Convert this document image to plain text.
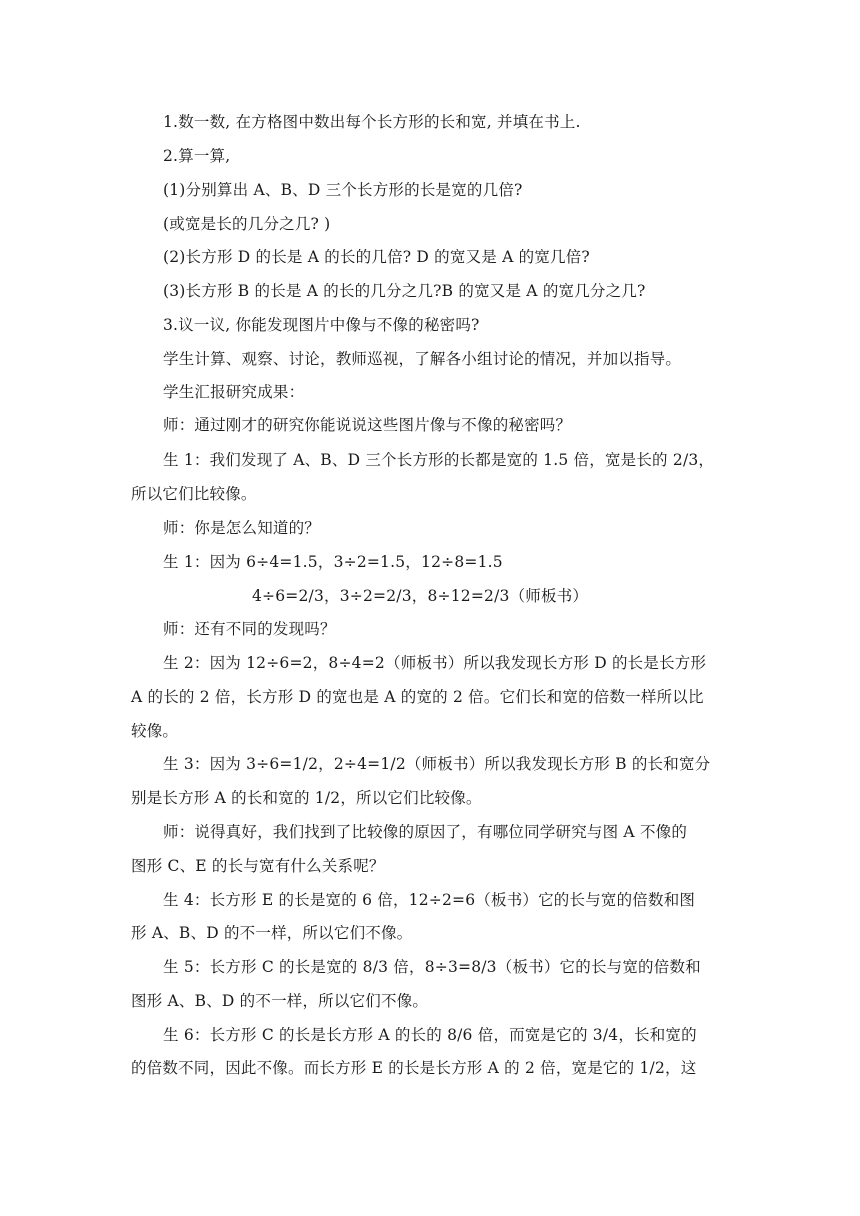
1.数一数, 在方格图中数出每个长方形的长和宽, 并填在书上.
2.算一算,
(1)分别算出 A、B、D 三个长方形的长是宽的几倍?
(或宽是长的几分之几? )
(2)长方形 D 的长是 A 的长的几倍? D 的宽又是 A 的宽几倍?
(3)长方形 B 的长是 A 的长的几分之几?B 的宽又是 A 的宽几分之几?
3.议一议, 你能发现图片中像与不像的秘密吗?
学生计算、观察、讨论，教师巡视，了解各小组讨论的情况，并加以指导。
学生汇报研究成果：
师：通过刚才的研究你能说说这些图片像与不像的秘密吗？
生 1：我们发现了 A、B、D 三个长方形的长都是宽的 1.5 倍，宽是长的 2/3，
所以它们比较像。
师：你是怎么知道的？
生 1：因为 6÷4=1.5，3÷2=1.5，12÷8=1.5
4÷6=2/3，3÷2=2/3，8÷12=2/3（师板书）
师：还有不同的发现吗？
生 2：因为 12÷6=2，8÷4=2（师板书）所以我发现长方形 D 的长是长方形
A 的长的 2 倍，长方形 D 的宽也是 A 的宽的 2 倍。它们长和宽的倍数一样所以比
较像。
生 3：因为 3÷6=1/2，2÷4=1/2（师板书）所以我发现长方形 B 的长和宽分
别是长方形 A 的长和宽的 1/2，所以它们比较像。
师：说得真好，我们找到了比较像的原因了，有哪位同学研究与图 A 不像的
图形 C、E 的长与宽有什么关系呢？
生 4：长方形 E 的长是宽的 6 倍，12÷2=6（板书）它的长与宽的倍数和图
形 A、B、D 的不一样，所以它们不像。
生 5：长方形 C 的长是宽的 8/3 倍，8÷3=8/3（板书）它的长与宽的倍数和
图形 A、B、D 的不一样，所以它们不像。
生 6：长方形 C 的长是长方形 A 的长的 8/6 倍，而宽是它的 3/4，长和宽的
的倍数不同，因此不像。而长方形 E 的长是长方形 A 的 2 倍，宽是它的 1/2，这
